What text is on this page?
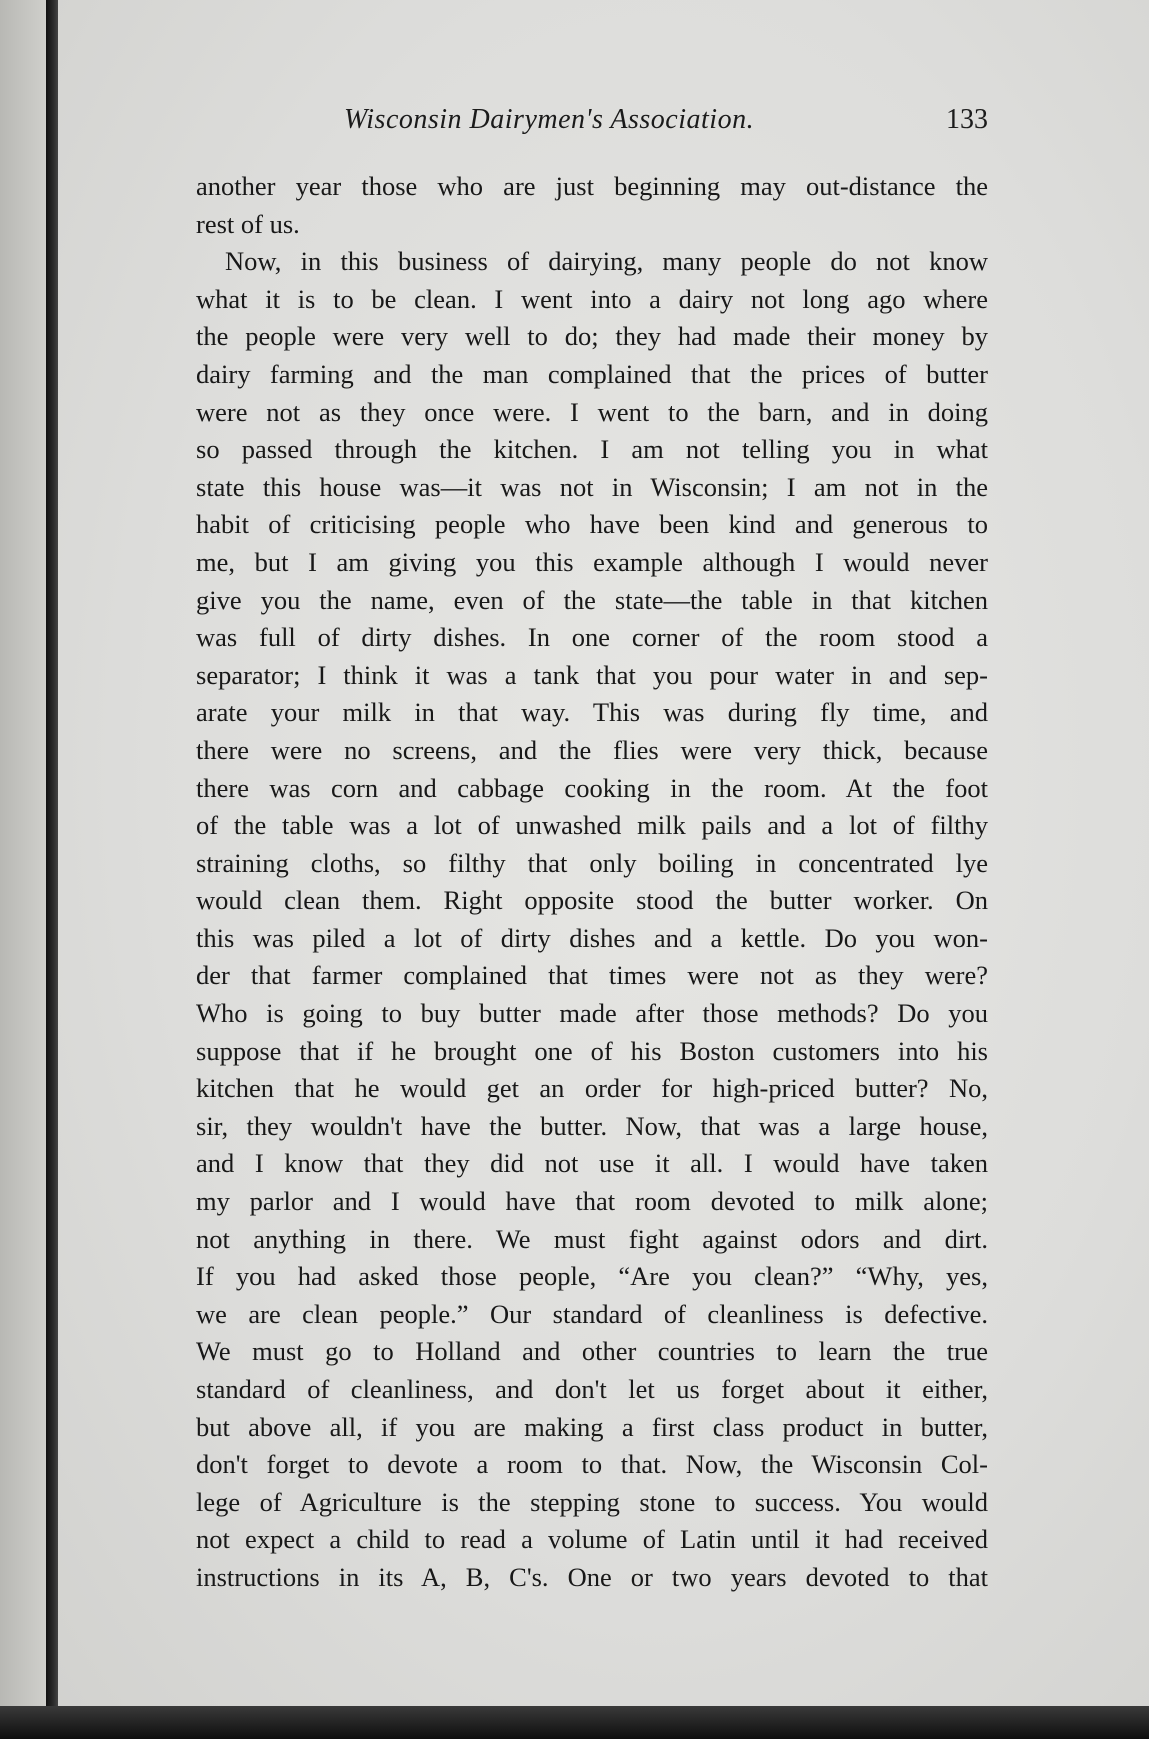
Wisconsin Dairymen's Association.	133
another year those who are just beginning may out-distance the
rest of us.
Now, in this business of dairying, many people do not know
what it is to be clean. I went into a dairy not long ago where
the people were very well to do; they had made their money by
dairy farming and the man complained that the prices of butter
were not as they once were. I went to the barn, and in doing
so passed through the kitchen. I am not telling you in what
state this house was—it was not in Wisconsin; I am not in the
habit of criticising people who have been kind and generous to
me, but I am giving you this example although I would never
give you the name, even of the state—the table in that kitchen
was full of dirty dishes. In one corner of the room stood a
separator; I think it was a tank that you pour water in and sep-
arate your milk in that way. This was during fly time, and
there were no screens, and the flies were very thick, because
there was corn and cabbage cooking in the room. At the foot
of the table was a lot of unwashed milk pails and a lot of filthy
straining cloths, so filthy that only boiling in concentrated lye
would clean them. Right opposite stood the butter worker. On
this was piled a lot of dirty dishes and a kettle. Do you won-
der that farmer complained that times were not as they were?
Who is going to buy butter made after those methods? Do you
suppose that if he brought one of his Boston customers into his
kitchen that he would get an order for high-priced butter? No,
sir, they wouldn't have the butter. Now, that was a large house,
and I know that they did not use it all. I would have taken
my parlor and I would have that room devoted to milk alone;
not anything in there. We must fight against odors and dirt.
If you had asked those people, “Are you clean?” “Why, yes,
we are clean people.” Our standard of cleanliness is defective.
We must go to Holland and other countries to learn the true
standard of cleanliness, and don't let us forget about it either,
but above all, if you are making a first class product in butter,
don't forget to devote a room to that. Now, the Wisconsin Col-
lege of Agriculture is the stepping stone to success. You would
not expect a child to read a volume of Latin until it had received
instructions in its A, B, C's. One or two years devoted to that
